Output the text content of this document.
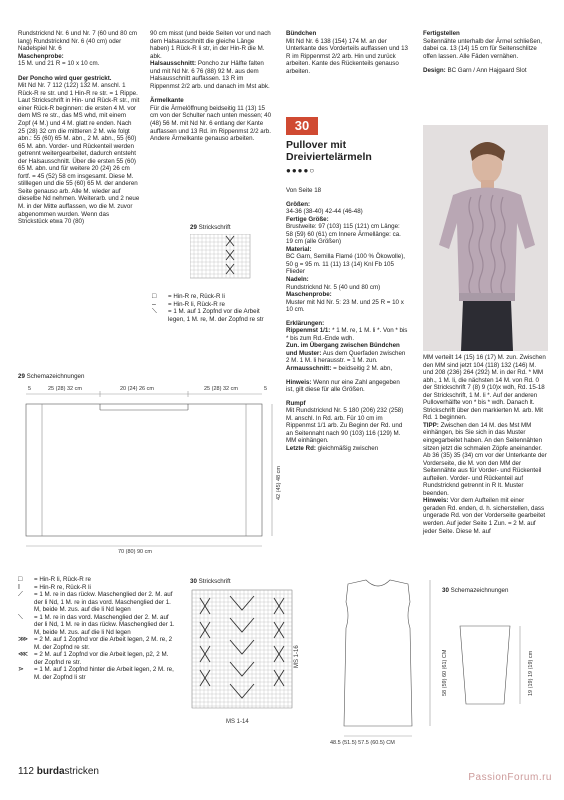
Rundstricknd Nr. 6 und Nr. 7 (60 und 80 cm lang) Rundstricknd Nr. 6 (40 cm) oder Nadelspiel Nr. 6

Maschenprobe:

15 M. und 21 R = 10 x 10 cm.

Der Poncho wird quer gestrickt.

Mit Nd Nr. 7 112 (122) 132 M. anschl. 1 Rück-R re str. und 1 Hin-R re str. = 1 Rippe. Laut Strickschrift in Hin- und Rück-R str., mit einer Rück-R beginnen: die ersten 4 M. vor dem MS re str., das MS whd, mit einem Zopf (4 M.) und 4 M. glatt re enden. Nach 25 (28) 32 cm die mittleren 2 M. wie folgt abn.: 55 (60) 65 M. abn., 2 M. abn., 55 (60) 65 M. abn. Vorder- und Rückenteil werden getrennt weitergearbeitet, dadurch entsteht der Halsausschnitt. Über die ersten 55 (60) 65 M. abn. und für weitere 20 (24) 26 cm fortf. = 45 (52) 58 cm insgesamt. Diese M. stilllegen und die 55 (60) 65 M. der anderen Seite genauso arb. Alle M. wieder auf dieselbe Nd nehmen. Weiterarb. und 2 neue M. in der Mitte auffassen, wo die M. zuvor abgenommen wurden. Wenn das Strickstück etwa 70 (80)

90 cm misst (und beide Seiten vor und nach dem Halsausschnitt die gleiche Länge haben) 1 Rück-R li str, in der Hin-R die M. abk.

Halsausschnitt: Poncho zur Hälfte falten und mit Nd Nr. 6 76 (88) 92 M. aus dem Halsausschnitt auffassen. 13 R im Rippenmst 2/2 arb. und danach im Mst abk.

Ärmelkante

Für die Ärmelöffnung beidseitig 11 (13) 15 cm von der Schulter nach unten messen; 40 (48) 56 M. mit Nd Nr. 6 entlang der Kante auffassen und 13 Rd. im Rippenmst 2/2 arb. Andere Ärmelkante genauso arbeiten.

29 Strickschrift
□	= Hin-R re, Rück-R li
–	= Hin-R li, Rück-R re
⟍	= 1 M. auf 1 Zopfnd vor die Arbeit legen, 1 M. re, M. der Zopfnd re str

Bündchen

Mit Nd Nr. 6 138 (154) 174 M. an der Unterkante des Vorderteils auffassen und 13 R im Rippenmst 2/2 arb. Hin und zurück arbeiten. Kante des Rückenteils genauso arbeiten.

Fertigstellen

Seitennähte unterhalb der Ärmel schließen, dabei ca. 13 (14) 15 cm für Seitenschlitze offen lassen. Alle Fäden vernähen.

Design: BC Garn / Ann Hajgaard Slot

30
Pullover mit Dreiviertelärmeln
●●●●○

Von Seite 18

Größen:

34-36 (38-40) 42-44 (46-48)

Fertige Größe:

Brustweite: 97 (103) 115 (121) cm Länge: 58 (59) 60 (61) cm Innere Ärmellänge: ca. 19 cm (alle Größen)

Material:

BC Garn, Semilla Flamé (100 % Ökowolle), 50 g = 95 m. 11 (11) 13 (14) Knl Fb 105 Flieder

Nadeln:

Rundstricknd Nr. 5 (40 und 80 cm)

Maschenprobe:

Muster mit Nd Nr. 5: 23 M. und 25 R = 10 x 10 cm.

Erklärungen:

Rippenmst 1/1: * 1 M. re, 1 M. li *. Von * bis * bis zum Rd.-Ende wdh.

Zun. im Übergang zwischen Bündchen und Muster: Aus dem Querfaden zwischen 2 M. 1 M. li herausstr. = 1 M. zun.

Armausschnitt: = beidseitig 2 M. abn,

Hinweis: Wenn nur eine Zahl angegeben ist, gilt diese für alle Größen.

Rumpf

Mit Rundstricknd Nr. 5 180 (206) 232 (258) M. anschl. In Rd. arb. Für 10 cm im Rippenmst 1/1 arb. Zu Beginn der Rd. und an Seitennaht nach 90 (103) 116 (129) M. MM einhängen.

Letzte Rd: gleichmäßig zwischen

MM verteilt 14 (15) 16 (17) M. zun. Zwischen den MM sind jetzt 104 (118) 132 (146) M. und 208 (236) 264 (292) M. in der Rd. * MM abh., 1 M. li, die nächsten 14 M. von Rd. 0 der Strickschrift 7 (8) 9 (10)x wdh, Rd. 15-18 der Strickschrift, 1 M. li *. Auf der anderen Pulloverhälfte von * bis * wdh. Danach lt. Strickschrift über den markierten M. arb. Mit Rd. 1 beginnen.

TIPP: Zwischen den 14 M. des Mst MM einhängen, bis Sie sich in das Muster eingegarbeitet haben. An den Seitennähten sitzen jetzt die schmalen Zöpfe aneinander. Ab 36 (35) 35 (34) cm vor der Unterkante der Vorderseite, die M. von den MM der Seitennähte aus für Vorder- und Rückenteil aufteilen. Vorder- und Rückenteil auf Rundstricknd getrennt in R lt. Muster beenden.

Hinweis: Vor dem Aufteilen mit einer geraden Rd. enden, d. h. sicherstellen, dass ungerade Rd. von der Vorderseite gearbeitet werden. Auf jeder Seite 1 Zun. = 2 M. auf jeder Seite. Diese M. auf

29 Schemazeichnungen
5	25 (28) 32 cm	20 (24) 26 cm	25 (28) 32 cm	5
70 (80) 90 cm
42 (45) 48 cm
□	= Hin-R li, Rück-R re
I	= Hin-R re, Rück-R li
⟋	= 1 M. re in das rückw. Maschenglied der 2. M. auf der li Nd, 1 M. re in das vord. Maschenglied der 1. M, beide M. zus. auf die li Nd legen
⟍	= 1 M. re in das vord. Maschenglied der 2. M. auf der li Nd, 1 M. re in das rückw. Maschenglied der 1. M, beide M. zus. auf die li Nd legen
⋙ = 2 M. auf 1 Zopfnd vor die Arbeit legen, 2 M. re, 2 M. der Zopfnd re str.
⋘ = 2 M. auf 1 Zopfnd vor die Arbeit legen, p2, 2 M. der Zopfnd re str.
⋗	= 1 M. auf 1 Zopfnd hinter die Arbeit legen, 2 M. re, M. der Zopfnd li str
30 Strickschrift
MS 1-16
MS 1-14
30 Schemazeichnungen
48.5 (51.5) 57.5 (60.5) CM
58 (59) 60 (61) CM	19 (19) 19 (19) cm
112 burdastricken
PassionForum.ru
